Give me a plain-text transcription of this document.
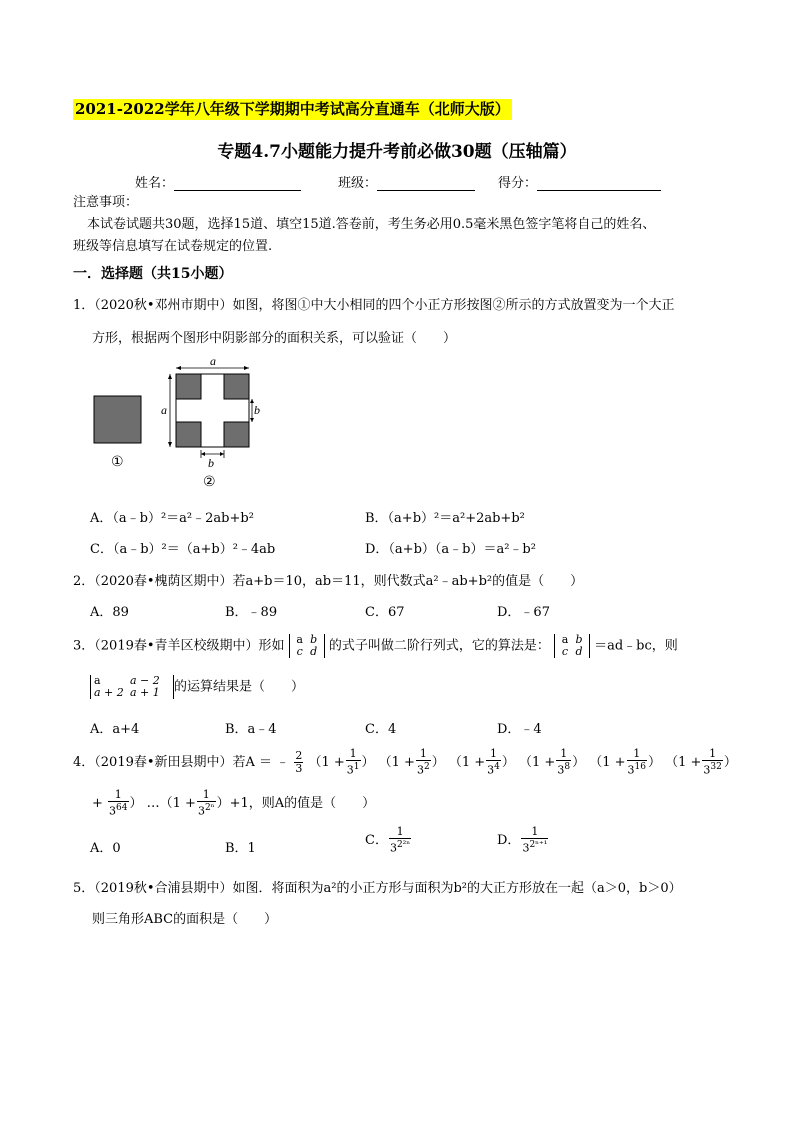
2021-2022学年八年级下学期期中考试高分直通车（北师大版）
专题4.7小题能力提升考前必做30题（压轴篇）
姓名：	班级：	得分：
注意事项：
本试卷试题共30题，选择15道、填空15道.答卷前，考生务必用0.5毫米黑色签字笔将自己的姓名、
班级等信息填写在试卷规定的位置.
一．选择题（共15小题）
1．（2020秋•邓州市期中）如图，将图①中大小相同的四个小正方形按图②所示的方式放置变为一个大正
方形，根据两个图形中阴影部分的面积关系，可以验证（　　）
a
a	b
b
①
②
A．（a﹣b）²＝a²﹣2ab+b²	B．（a+b）²＝a²+2ab+b²
C．（a﹣b）²＝（a+b）²﹣4ab	D．（a+b）（a﹣b）＝a²﹣b²
2．（2020春•槐荫区期中）若a+b＝10，ab＝11，则代数式a²﹣ab+b²的值是（　　）
A．89	B．﹣89	C．67	D．﹣67
3．（2019春•青羊区校级期中）形如 a b
c d 的式子叫做二阶行列式，它的算法是： a b
c d ＝ad﹣bc，则
a	a − 2
a + 2 a + 1 的运算结果是（　　）
A．a+4	B．a﹣4	C．4	D．﹣4
4．（2019春•新田县期中）若A ＝ ﹣ $\frac{2}{3} (1 + \frac{1}{3^1}$ ） （$1 + \frac{1}{3^2}$ ） （$1 + \frac{1}{3^4}$ ） （$1 + \frac{1}{3^8}$ ） （$1 + \frac{1}{3^{16}}$ ） （$1 + \frac{1}{3^{32}}$ ）
+ $\frac{1}{3^{64}}$ ） …（1 + $\frac{1}{3^{2^n}} )+1$，则A的值是（　　）
A．0	B．1
C． $\frac{1}{3^{2^{2n}}}$	D． $\frac{1}{3^{2^{n+1}}}$
5．（2019秋•合浦县期中）如图．将面积为a²的小正方形与面积为b²的大正方形放在一起（a＞0，b＞0）
则三角形ABC的面积是（　　）
